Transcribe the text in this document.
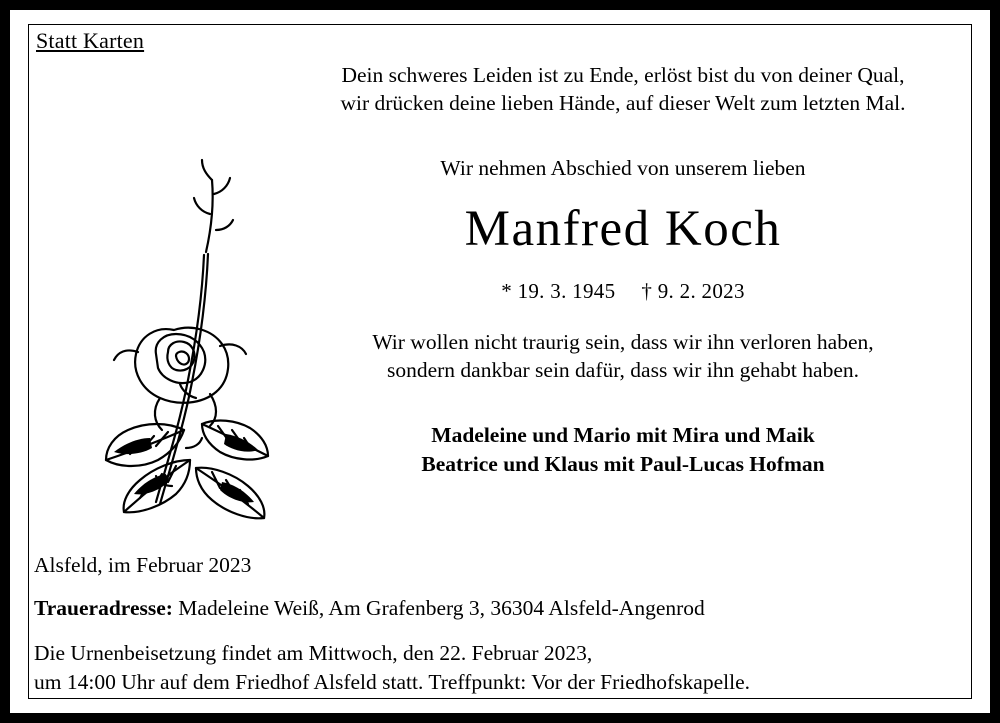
Statt Karten
Dein schweres Leiden ist zu Ende, erlöst bist du von deiner Qual,
wir drücken deine lieben Hände, auf dieser Welt zum letzten Mal.
Wir nehmen Abschied von unserem lieben
Manfred Koch
* 19. 3. 1945 † 9. 2. 2023
Wir wollen nicht traurig sein, dass wir ihn verloren haben,
sondern dankbar sein dafür, dass wir ihn gehabt haben.
Madeleine und Mario mit Mira und Maik
Beatrice und Klaus mit Paul-Lucas Hofman
Alsfeld, im Februar 2023
Traueradresse: Madeleine Weiß, Am Grafenberg 3, 36304 Alsfeld-Angenrod
Die Urnenbeisetzung findet am Mittwoch, den 22. Februar 2023,
um 14:00 Uhr auf dem Friedhof Alsfeld statt. Treffpunkt: Vor der Friedhofskapelle.
